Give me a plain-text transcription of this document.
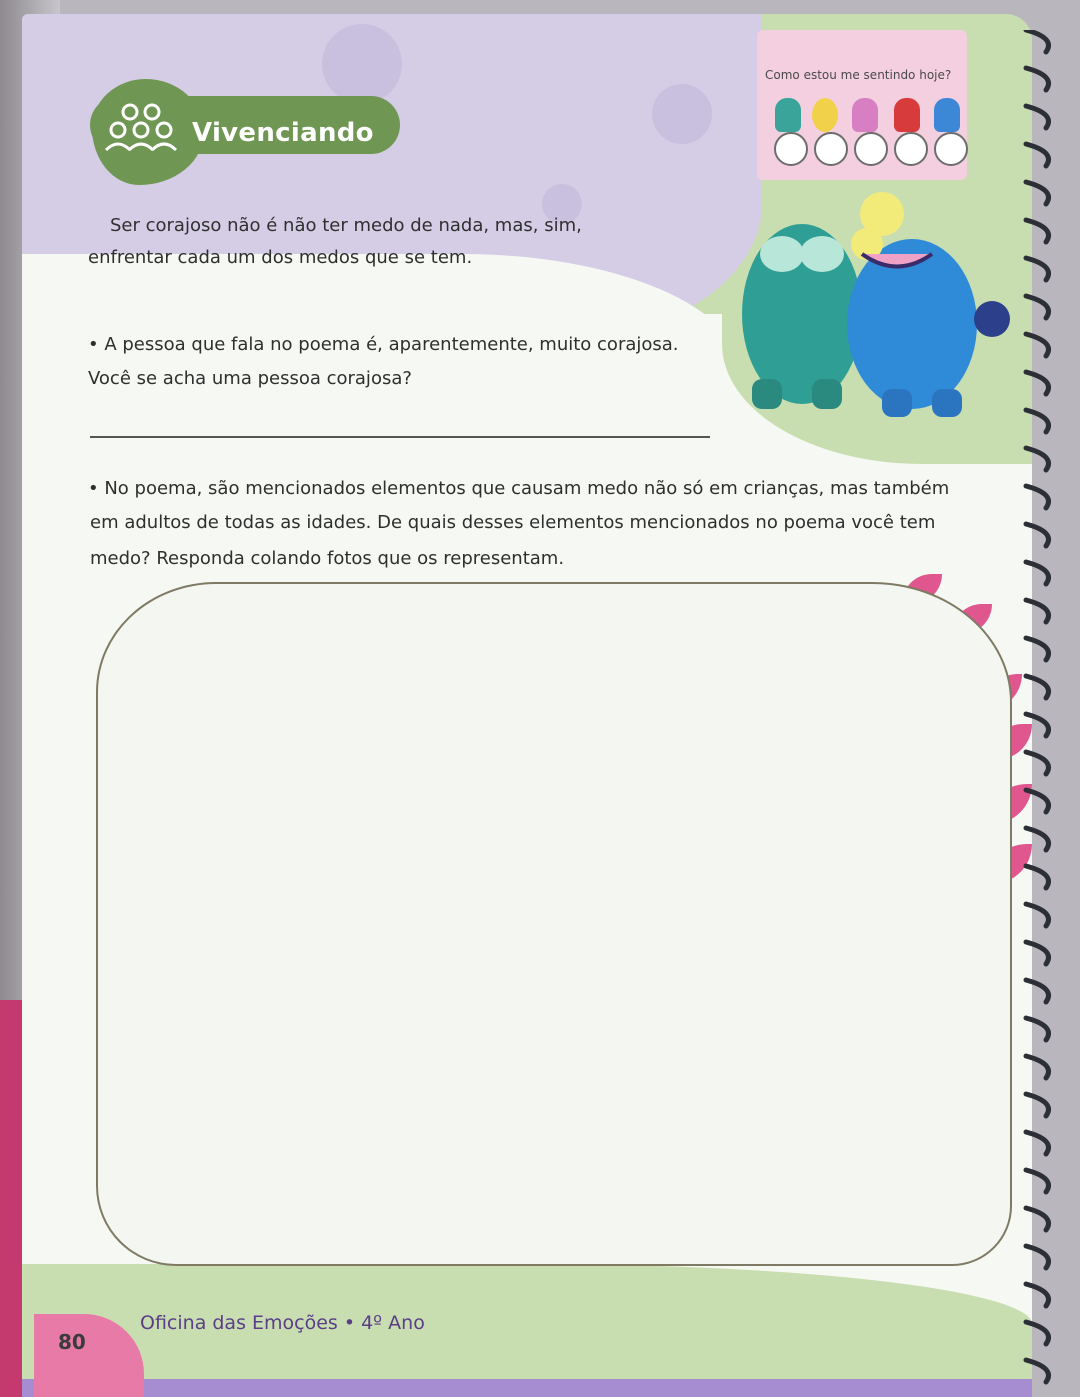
Vivenciando
Como estou me sentindo hoje?
Ser corajoso não é não ter medo de nada, mas, sim,
enfrentar cada um dos medos que se tem.
• A pessoa que fala no poema é, aparentemente, muito corajosa.
Você se acha uma pessoa corajosa?
• No poema, são mencionados elementos que causam medo não só em crianças, mas também
em adultos de todas as idades. De quais desses elementos mencionados no poema você tem
medo? Responda colando fotos que os representam.
80
Oficina das Emoções • 4º Ano
